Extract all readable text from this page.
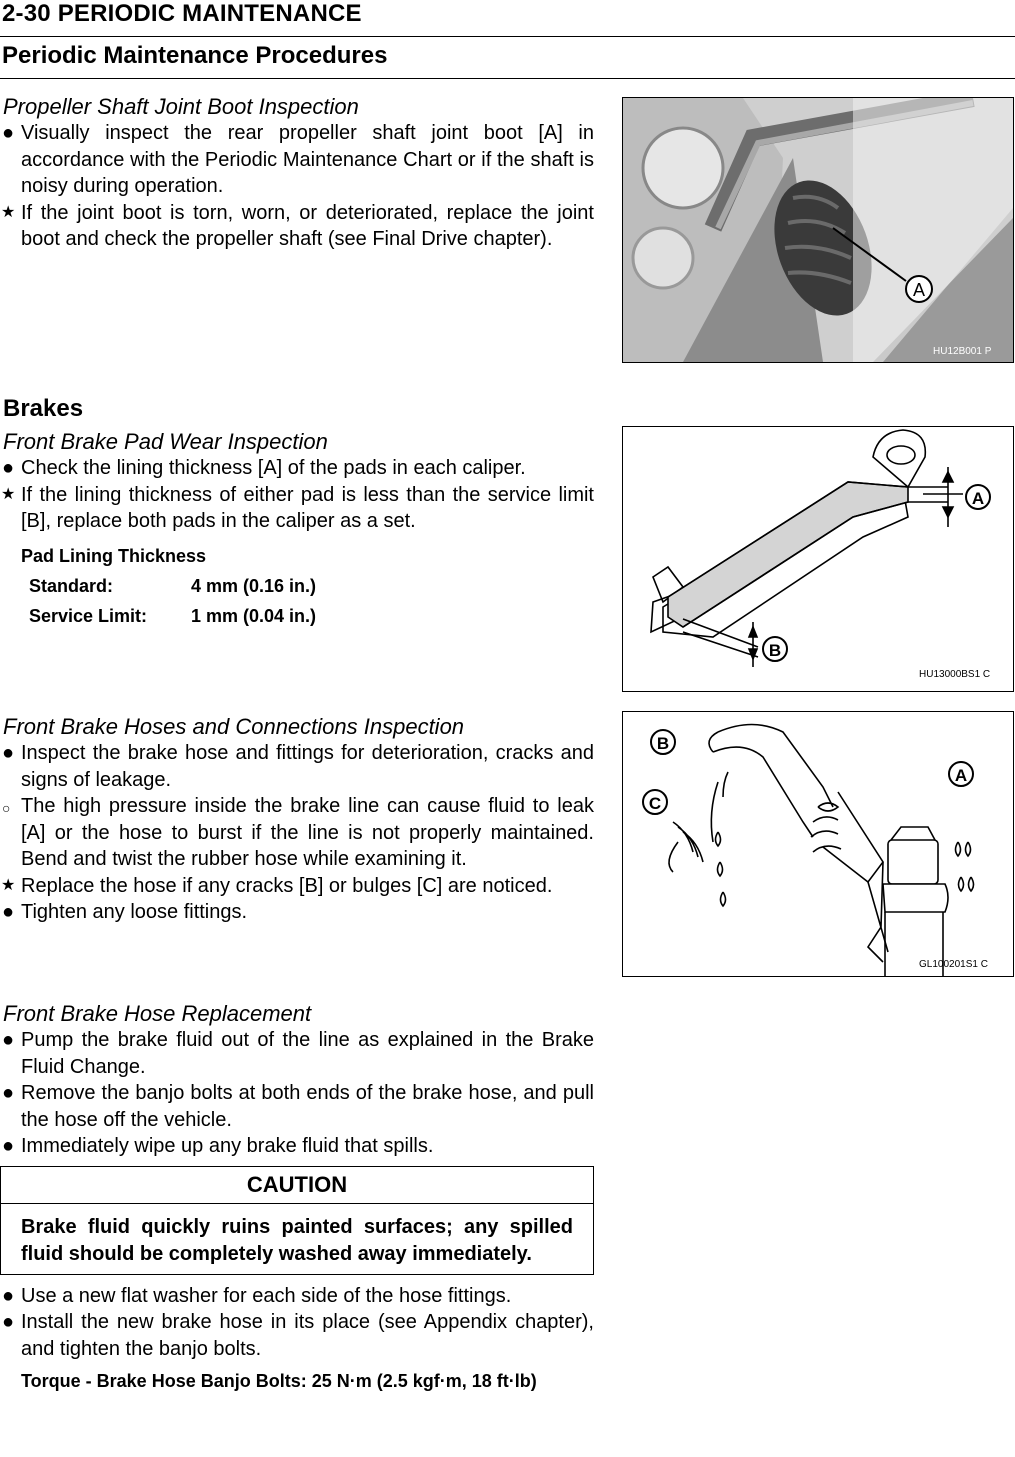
2-30 PERIODIC MAINTENANCE
Periodic Maintenance Procedures
Propeller Shaft Joint Boot Inspection
● Visually inspect the rear propeller shaft joint boot [A] in accordance with the Periodic Maintenance Chart or if the shaft is noisy during operation.
★ If the joint boot is torn, worn, or deteriorated, replace the joint boot and check the propeller shaft (see Final Drive chapter).
A
HU12B001 P
Brakes
Front Brake Pad Wear Inspection
● Check the lining thickness [A] of the pads in each caliper.
★ If the lining thickness of either pad is less than the service limit [B], replace both pads in the caliper as a set.
Pad Lining Thickness
Standard:	4 mm (0.16 in.)
Service Limit:	1 mm (0.04 in.)
A
B
HU13000BS1 C
Front Brake Hoses and Connections Inspection
● Inspect the brake hose and fittings for deterioration, cracks and signs of leakage.
○ The high pressure inside the brake line can cause fluid to leak [A] or the hose to burst if the line is not properly maintained. Bend and twist the rubber hose while examining it.
★ Replace the hose if any cracks [B] or bulges [C] are noticed.
● Tighten any loose fittings.
B
A
C
GL100201S1 C
Front Brake Hose Replacement
● Pump the brake fluid out of the line as explained in the Brake Fluid Change.
● Remove the banjo bolts at both ends of the brake hose, and pull the hose off the vehicle.
● Immediately wipe up any brake fluid that spills.
CAUTION
Brake fluid quickly ruins painted surfaces; any spilled fluid should be completely washed away immediately.
● Use a new flat washer for each side of the hose fittings.
● Install the new brake hose in its place (see Appendix chapter), and tighten the banjo bolts.
Torque - Brake Hose Banjo Bolts: 25 N·m (2.5 kgf·m, 18 ft·lb)
